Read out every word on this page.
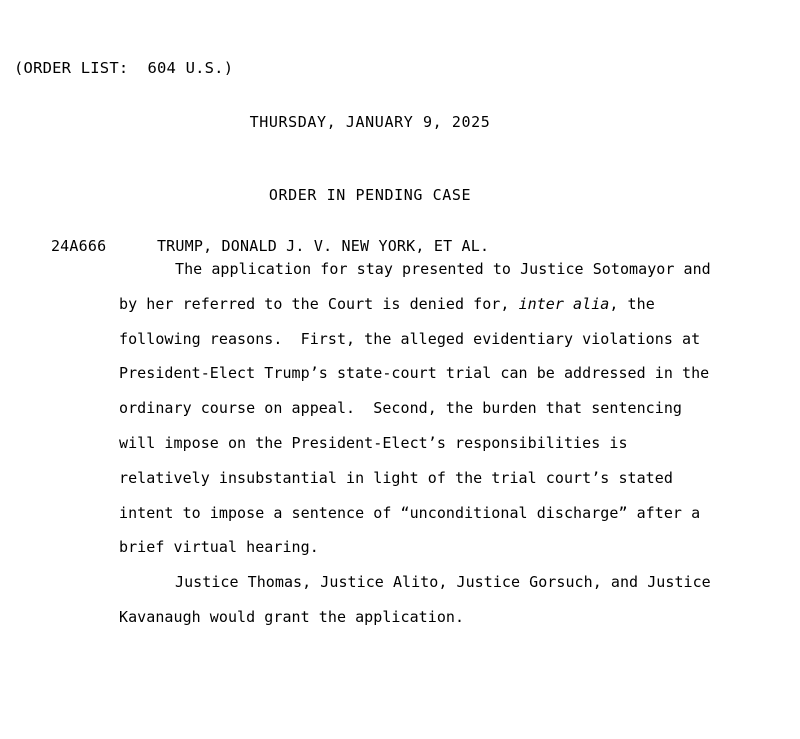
(ORDER LIST:  604 U.S.)
THURSDAY, JANUARY 9, 2025
ORDER IN PENDING CASE

24A666	TRUMP, DONALD J. V. NEW YORK, ET AL.

The application for stay presented to Justice Sotomayor and by her referred to the Court is denied for, inter alia, the following reasons.  First, the alleged evidentiary violations at President-Elect Trump’s state-court trial can be addressed in the ordinary course on appeal.  Second, the burden that sentencing will impose on the President-Elect’s responsibilities is relatively insubstantial in light of the trial court’s stated intent to impose a sentence of “unconditional discharge” after a brief virtual hearing.

Justice Thomas, Justice Alito, Justice Gorsuch, and Justice Kavanaugh would grant the application.
